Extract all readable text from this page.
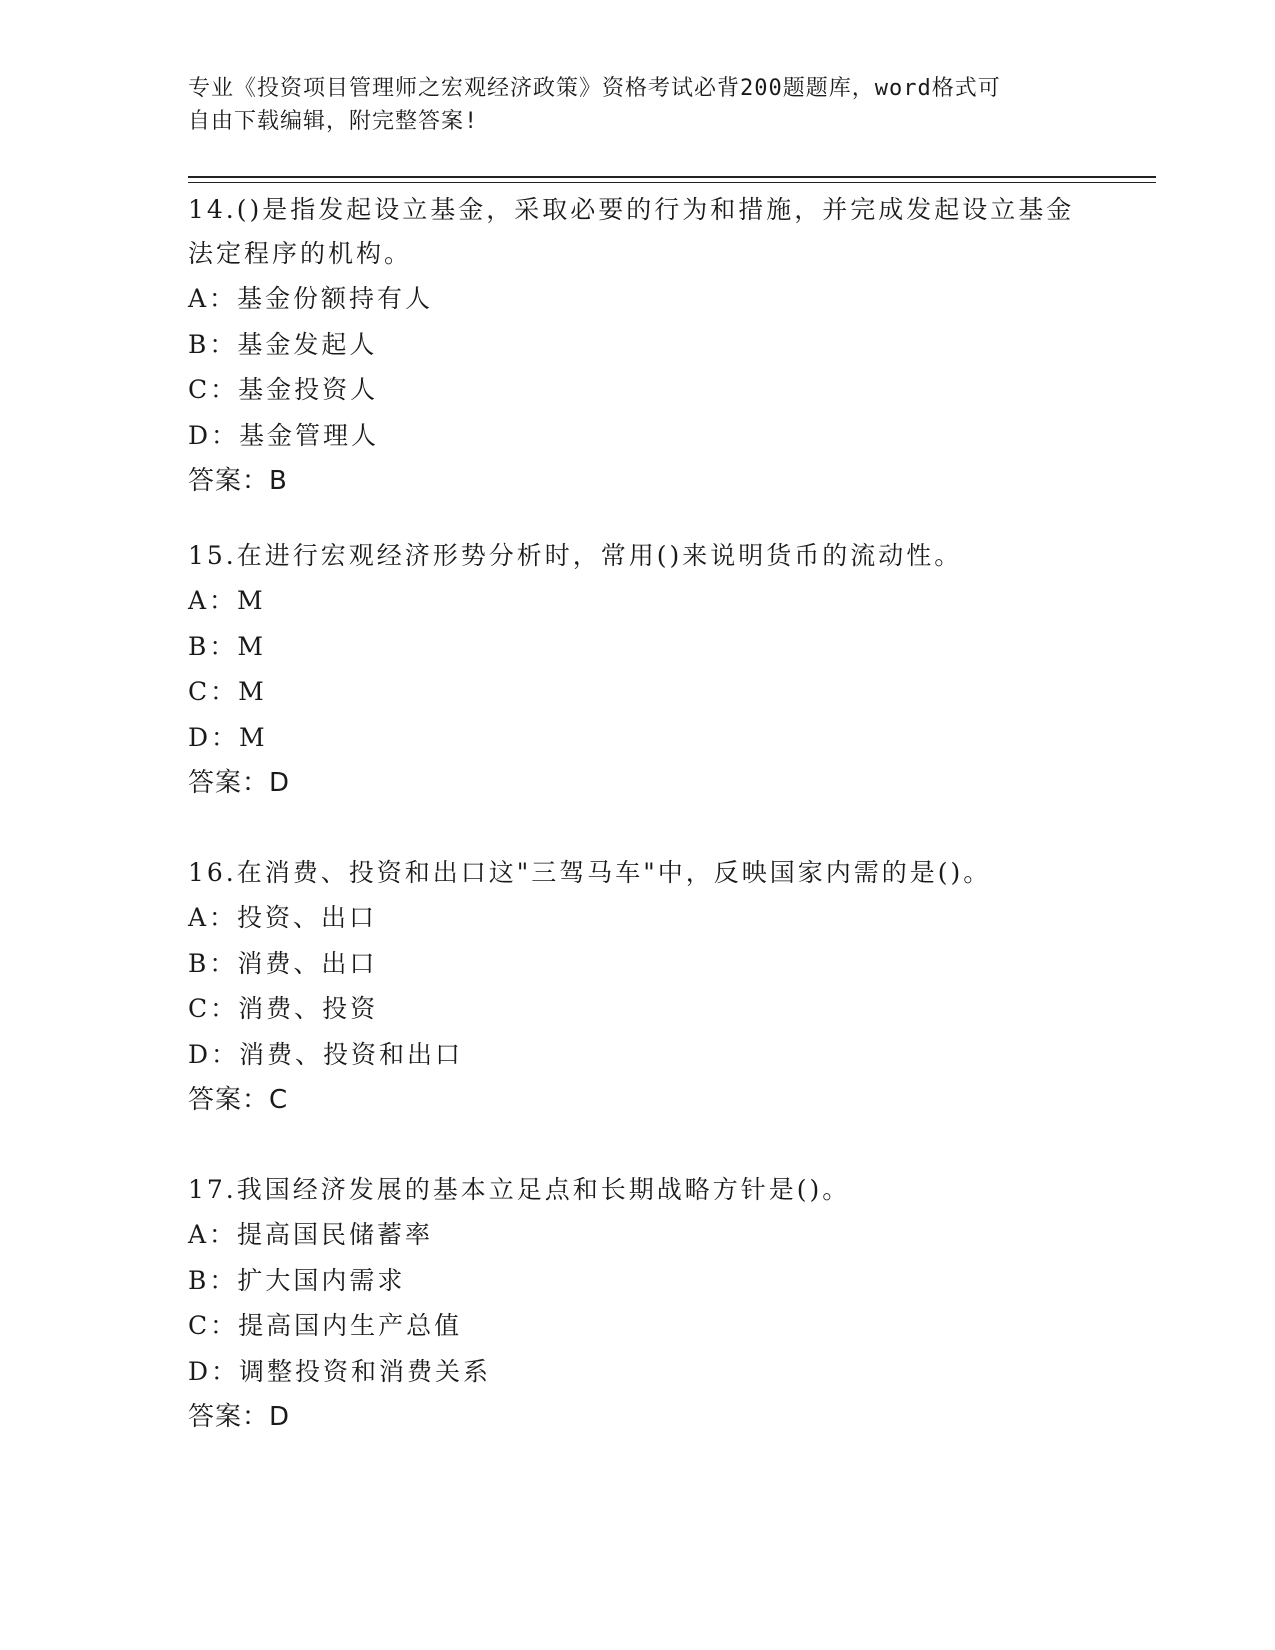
专业《投资项目管理师之宏观经济政策》资格考试必背200题题库，word格式可
自由下载编辑，附完整答案!

14.()是指发起设立基金，采取必要的行为和措施，并完成发起设立基金法定程序的机构。

A：基金份额持有人

B：基金发起人

C：基金投资人

D：基金管理人

答案：B

15.在进行宏观经济形势分析时，常用()来说明货币的流动性。

A：M

B：M

C：M

D：M

答案：D

16.在消费、投资和出口这"三驾马车"中，反映国家内需的是()。

A：投资、出口

B：消费、出口

C：消费、投资

D：消费、投资和出口

答案：C

17.我国经济发展的基本立足点和长期战略方针是()。

A：提高国民储蓄率

B：扩大国内需求

C：提高国内生产总值

D：调整投资和消费关系

答案：D
